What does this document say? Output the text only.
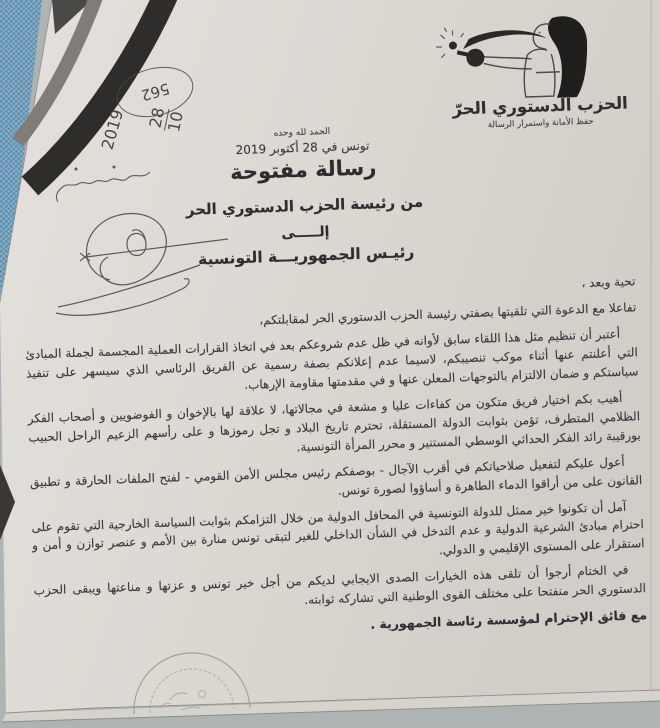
562
28
10
2019
الحزب الدستوري الحرّ
حفظ الأمانة واستمرار الرسالة
الحمد لله وحده
تونس في 28 أكتوبر 2019
رسالة مفتوحة
من رئيسة الحزب الدستوري الحر
إلـــــى
رئيـس الجمهوريـــة التونسية

تحية وبعد ،

تفاعلا مع الدعوة التي تلقيتها بصفتي رئيسة الحزب الدستوري الحر لمقابلتكم،

أعتبر أن تنظيم مثل هذا اللقاء سابق لأوانه في ظل عدم شروعكم بعد في اتخاذ القرارات العملية المجسمة لجملة المبادئ التي أعلنتم عنها أثناء موكب تنصيبكم، لاسيما عدم إعلانكم بصفة رسمية عن الفريق الرئاسي الذي سيسهر على تنفيذ سياستكم و ضمان الالتزام بالتوجهات المعلن عنها و في مقدمتها مقاومة الإرهاب.

أهيب بكم اختيار فريق متكون من كفاءات عليا و مشعة في مجالاتها، لا علاقة لها بالإخوان و الفوضويين و أصحاب الفكر الظلامي المتطرف، تؤمن بثوابت الدولة المستقلة، تحترم تاريخ البلاد و تجل رموزها و على رأسهم الزعيم الراحل الحبيب بورقيبة رائد الفكر الحداثي الوسطي المستنير و محرر المرأة التونسية.

أعول عليكم لتفعيل صلاحياتكم في أقرب الآجال - بوصفكم رئيس مجلس الأمن القومي - لفتح الملفات الحارقة و تطبيق القانون على من أراقوا الدماء الطاهرة و أساؤوا لصورة تونس.

آمل أن تكونوا خير ممثل للدولة التونسية في المحافل الدولية من خلال التزامكم بثوابت السياسة الخارجية التي تقوم على احترام مبادئ الشرعية الدولية و عدم التدخل في الشأن الداخلي للغير لتبقى تونس منارة بين الأمم و عنصر توازن و أمن و استقرار على المستوى الإقليمي و الدولي.

في الختام أرجوا أن تلقى هذه الخيارات الصدى الايجابي لديكم من أجل خير تونس و عزتها و مناعتها ويبقى الحزب الدستوري الحر منفتحا على مختلف القوى الوطنية التي تشاركه ثوابته.

مع فائق الإحترام لمؤسسة رئاسة الجمهورية .
